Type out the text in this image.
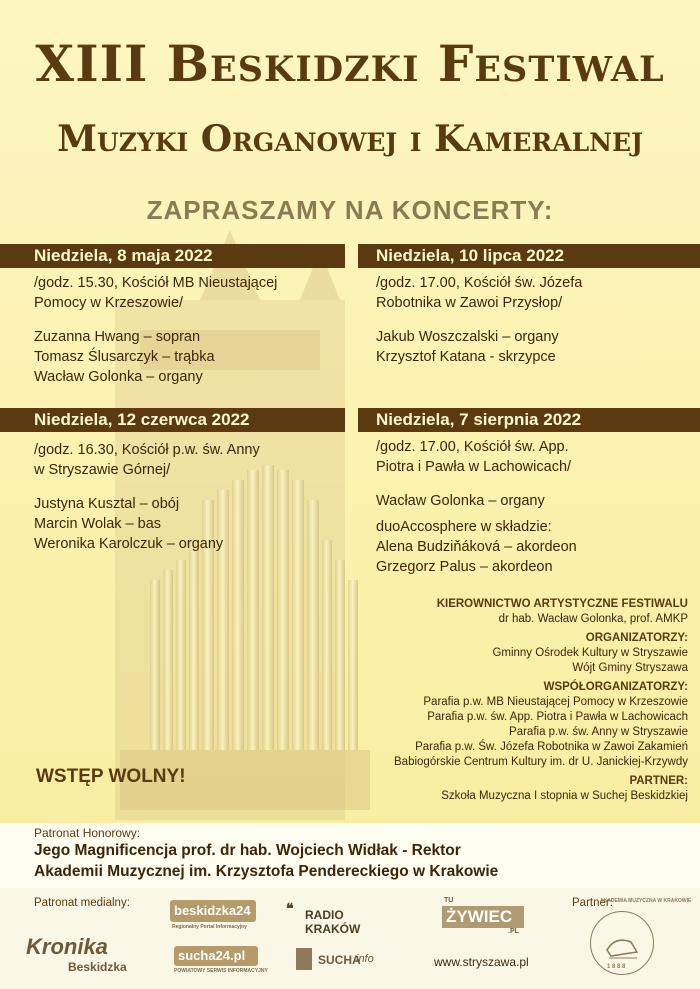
XIII Beskidzki Festiwal
Muzyki Organowej i Kameralnej
ZAPRASZAMY NA KONCERTY:
Niedziela, 8 maja 2022

/godz. 15.30, Kościół MB Nieustającej

Pomocy w Krzeszowie/

Zuzanna Hwang – sopran

Tomasz Ślusarczyk – trąbka

Wacław Golonka – organy

Niedziela, 10 lipca 2022

/godz. 17.00, Kościół św. Józefa

Robotnika w Zawoi Przysłop/

Jakub Woszczalski – organy

Krzysztof Katana - skrzypce

Niedziela, 12 czerwca 2022

/godz. 16.30, Kościół p.w. św. Anny

w Stryszawie Górnej/

Justyna Kusztal – obój

Marcin Wolak – bas

Weronika Karolczuk – organy

Niedziela, 7 sierpnia 2022

/godz. 17.00, Kościół św. App.

Piotra i Pawła w Lachowicach/

Wacław Golonka – organy

duoAccosphere w składzie:

Alena Budziňáková – akordeon

Grzegorz Palus – akordeon

KIEROWNICTWO ARTYSTYCZNE FESTIWALU

dr hab. Wacław Golonka, prof. AMKP

ORGANIZATORZY:

Gminny Ośrodek Kultury w Stryszawie

Wójt Gminy Stryszawa

WSPÓŁORGANIZATORZY:

Parafia p.w. MB Nieustającej Pomocy w Krzeszowie

Parafia p.w. św. App. Piotra i Pawła w Lachowicach

Parafia p.w. św. Anny w Stryszawie

Parafia p.w. Św. Józefa Robotnika w Zawoi Zakamień

Babiogórskie Centrum Kultury im. dr U. Janickiej-Krzywdy

PARTNER:

Szkoła Muzyczna I stopnia w Suchej Beskidzkiej

WSTĘP WOLNY!
Patronat Honorowy:
Jego Magnificencja prof. dr hab. Wojciech Widłak - Rektor
Akademii Muzycznej im. Krzysztofa Pendereckiego w Krakowie
Patronat medialny:	Partner:
Kronika
Beskidzka
beskidzka24
Regionalny Portal Informacyjny
sucha24.pl
POWIATOWY SERWIS INFORMACYJNY
❝ RADIO
KRAKÓW
SUCHA
info
TU
ŻYWIEC
.PL
www.stryszawa.pl
AKADEMIA MUZYCZNA W KRAKOWIE
1 8 8 8
